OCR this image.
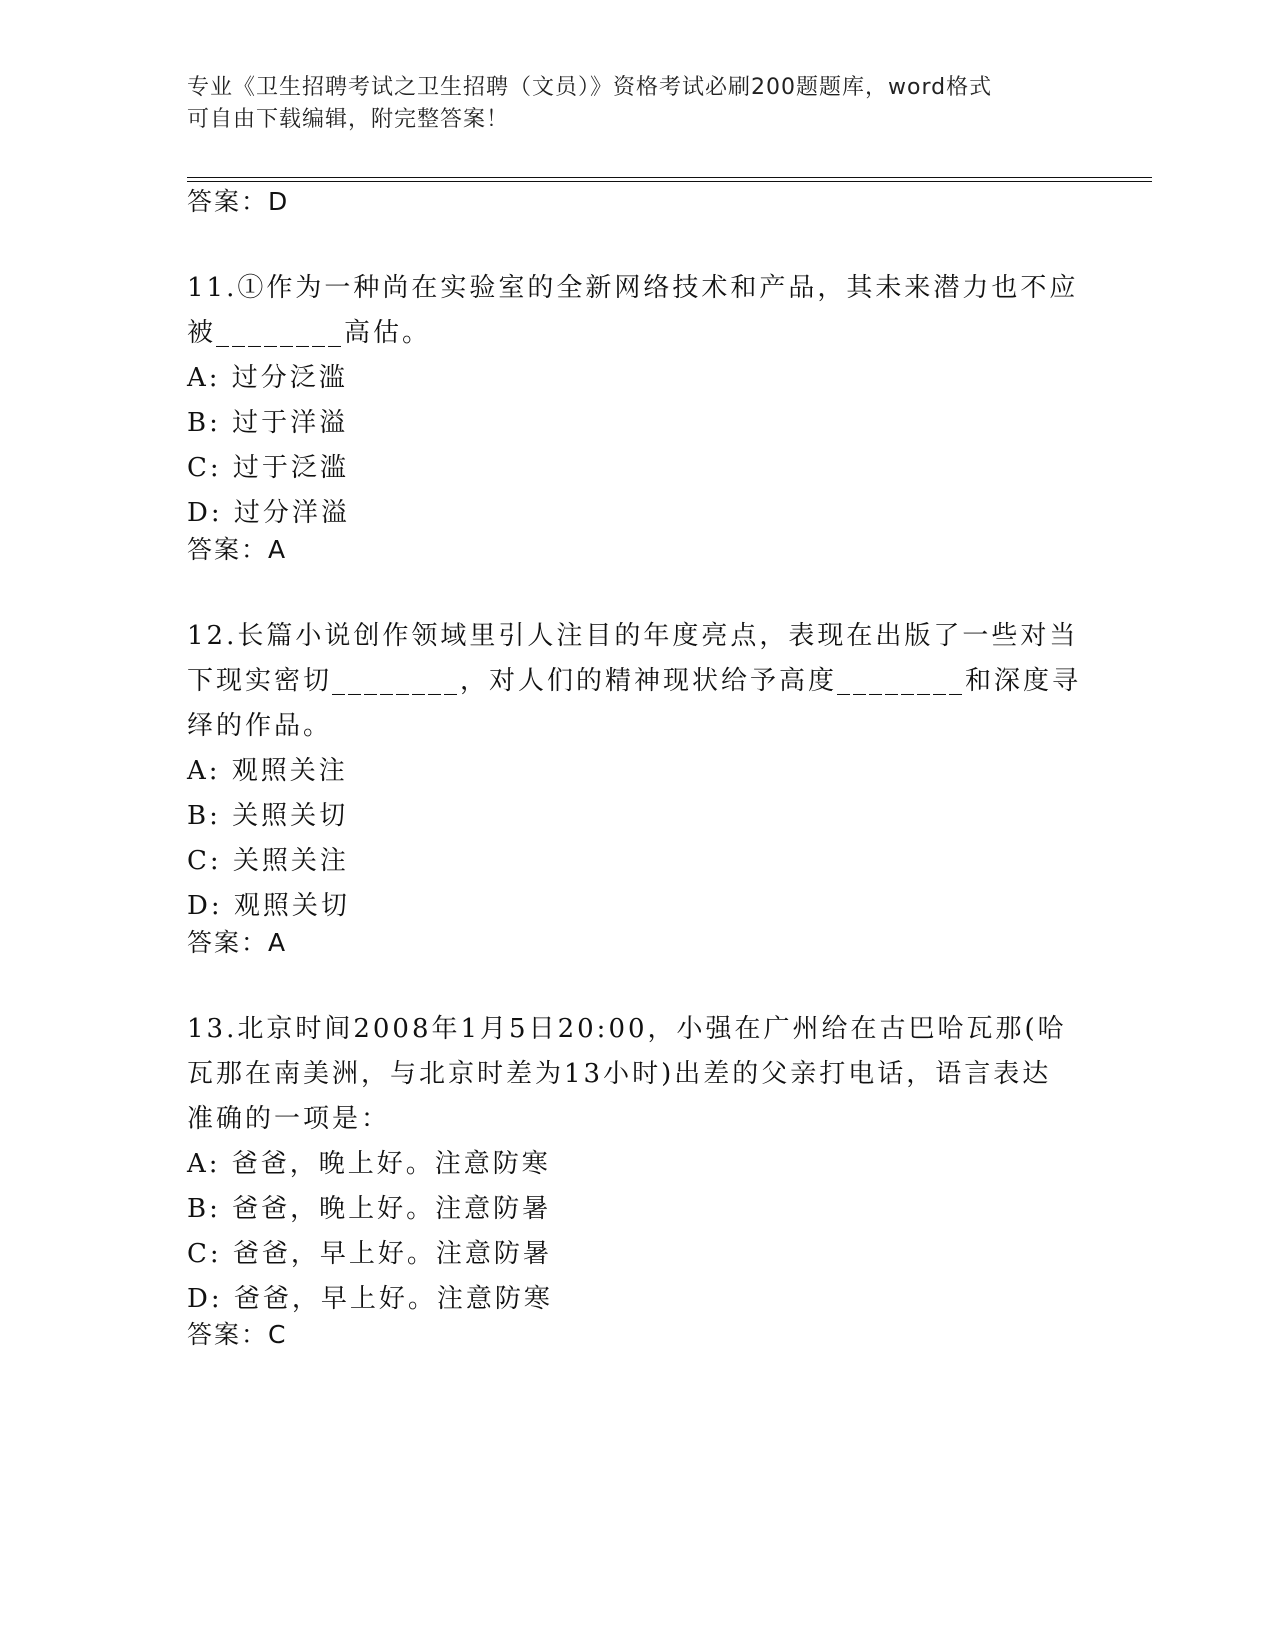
专业《卫生招聘考试之卫生招聘（文员）》资格考试必刷200题题库，word格式
可自由下载编辑，附完整答案！
答案：D
11.①作为一种尚在实验室的全新网络技术和产品，其未来潜力也不应
被________高估。
A: 过分泛滥
B: 过于洋溢
C: 过于泛滥
D: 过分洋溢
答案：A
12.长篇小说创作领域里引人注目的年度亮点，表现在出版了一些对当
下现实密切________，对人们的精神现状给予高度________和深度寻
绎的作品。
A: 观照关注
B: 关照关切
C: 关照关注
D: 观照关切
答案：A
13.北京时间2008年1月5日20:00，小强在广州给在古巴哈瓦那(哈
瓦那在南美洲，与北京时差为13小时)出差的父亲打电话，语言表达
准确的一项是：
A: 爸爸，晚上好。注意防寒
B: 爸爸，晚上好。注意防暑
C: 爸爸，早上好。注意防暑
D: 爸爸，早上好。注意防寒
答案：C
